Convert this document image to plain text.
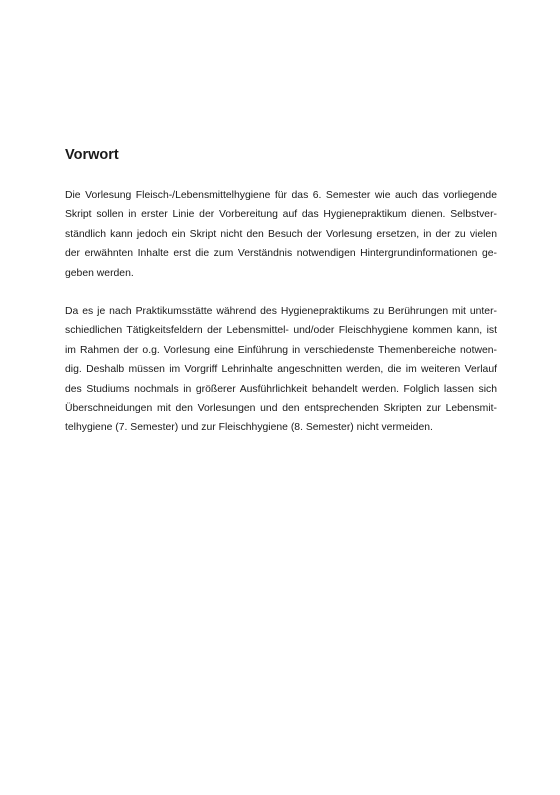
Vorwort

Die Vorlesung Fleisch-/Lebensmittelhygiene für das 6. Semester wie auch das vorliegende
Skript sollen in erster Linie der Vorbereitung auf das Hygienepraktikum dienen. Selbstver-
ständlich kann jedoch ein Skript nicht den Besuch der Vorlesung ersetzen, in der zu vielen
der erwähnten Inhalte erst die zum Verständnis notwendigen Hintergrundinformationen ge-
geben werden.

Da es je nach Praktikumsstätte während des Hygienepraktikums zu Berührungen mit unter-
schiedlichen Tätigkeitsfeldern der Lebensmittel- und/oder Fleischhygiene kommen kann, ist
im Rahmen der o.g. Vorlesung eine Einführung in verschiedenste Themenbereiche notwen-
dig. Deshalb müssen im Vorgriff Lehrinhalte angeschnitten werden, die im weiteren Verlauf
des Studiums nochmals in größerer Ausführlichkeit behandelt werden. Folglich lassen sich
Überschneidungen mit den Vorlesungen und den entsprechenden Skripten zur Lebensmit-
telhygiene (7. Semester) und zur Fleischhygiene (8. Semester) nicht vermeiden.
